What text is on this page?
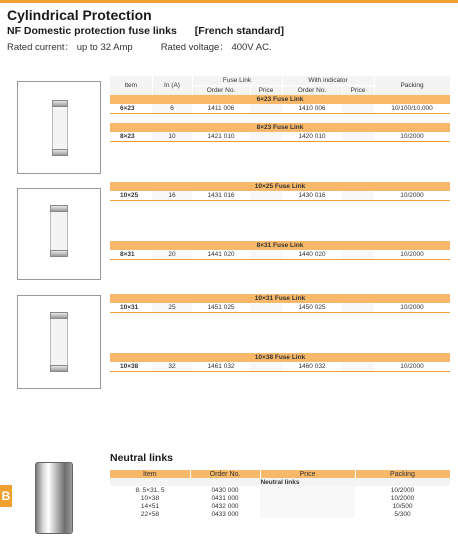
Cylindrical Protection
NF Domestic protection fuse links [French standard]
Rated current： up to 32 Amp	Rated voltage： 400V AC.
Item	In (A)	Fuse Link		With indicator		Packing
		Order No.	Price	Order No.	Price	
6×23 Fuse Link						
6×23	6	1411 006		1410 006		10/100/10,000

8×23 Fuse Link						
8×23	10	1421 010		1420 010		10/2000

10×25 Fuse Link						
10×25	16	1431 016		1430 016		10/2000

8×31 Fuse Link						
8×31	20	1441 020		1440 020		10/2000

10×31 Fuse Link						
10×31	25	1451 025		1450 025		10/2000

10×38 Fuse Link						
10×38	32	1461 032		1460 032		10/2000
B
Neutral links
Item	Order No.	Price	Packing
Neutral links			
8. 5×31. 5	0430 000		10/2000
10×38	0431 000		10/2000
14×51	0432 000		10/500
22×58	0433 000		5/300
